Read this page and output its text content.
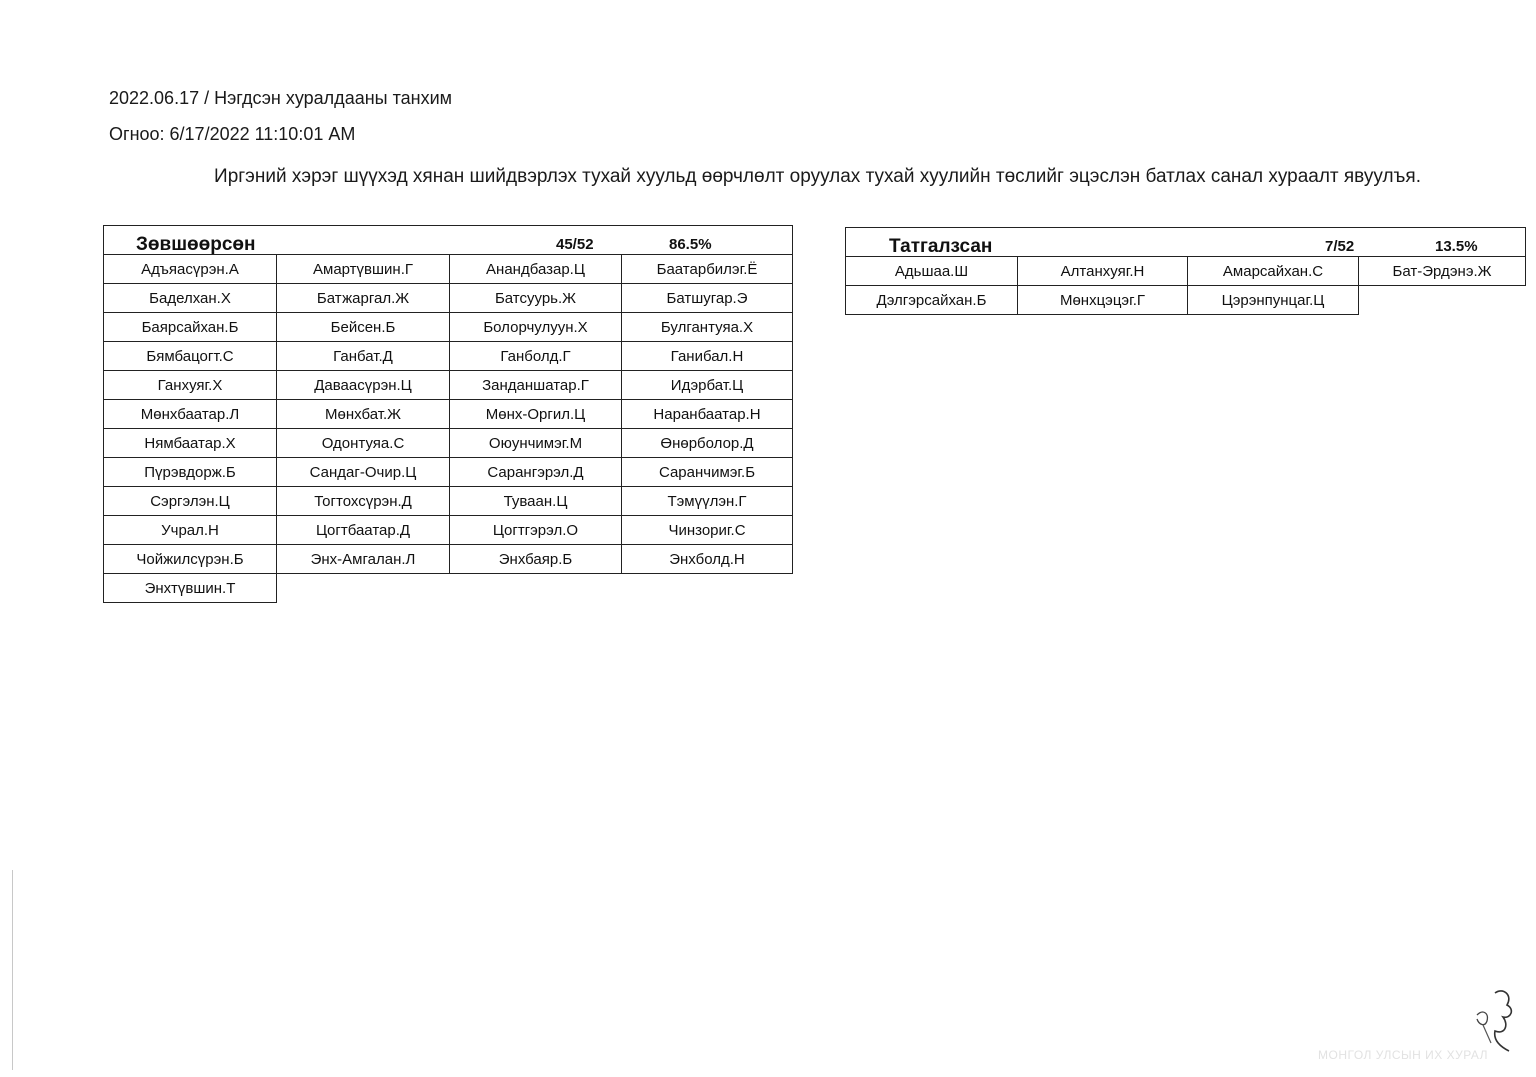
2022.06.17 / Нэгдсэн хуралдааны танхим
Огноо: 6/17/2022 11:10:01 AM
Иргэний хэрэг шүүхэд хянан шийдвэрлэх тухай хуульд өөрчлөлт оруулах тухай хуулийн төслийг эцэслэн батлах санал хураалт явуулъя.
Зөвшөөрсөн 45/52 86.5%			

Адъяасүрэн.А	Амартүвшин.Г	Анандбазар.Ц	Баатарбилэг.Ё
Баделхан.Х	Батжаргал.Ж	Батсуурь.Ж	Батшугар.Э
Баярсайхан.Б	Бейсен.Б	Болорчулуун.Х	Булгантуяа.Х
Бямбацогт.С	Ганбат.Д	Ганболд.Г	Ганибал.Н
Ганхуяг.Х	Даваасүрэн.Ц	Занданшатар.Г	Идэрбат.Ц
Мөнхбаатар.Л	Мөнхбат.Ж	Мөнх-Оргил.Ц	Наранбаатар.Н
Нямбаатар.Х	Одонтуяа.С	Оюунчимэг.М	Өнөрболор.Д
Пүрэвдорж.Б	Сандаг-Очир.Ц	Сарангэрэл.Д	Саранчимэг.Б
Сэргэлэн.Ц	Тогтохсүрэн.Д	Туваан.Ц	Тэмүүлэн.Г
Учрал.Н	Цогтбаатар.Д	Цогтгэрэл.О	Чинзориг.С
Чойжилсүрэн.Б	Энх-Амгалан.Л	Энхбаяр.Б	Энхболд.Н
Энхтүвшин.Т			
Татгалзсан 7/52 13.5%			

Адьшаа.Ш	Алтанхуяг.Н	Амарсайхан.С	Бат-Эрдэнэ.Ж
Дэлгэрсайхан.Б	Мөнхцэцэг.Г	Цэрэнпунцаг.Ц	
МОНГОЛ УЛСЫН ИХ ХУРАЛ
